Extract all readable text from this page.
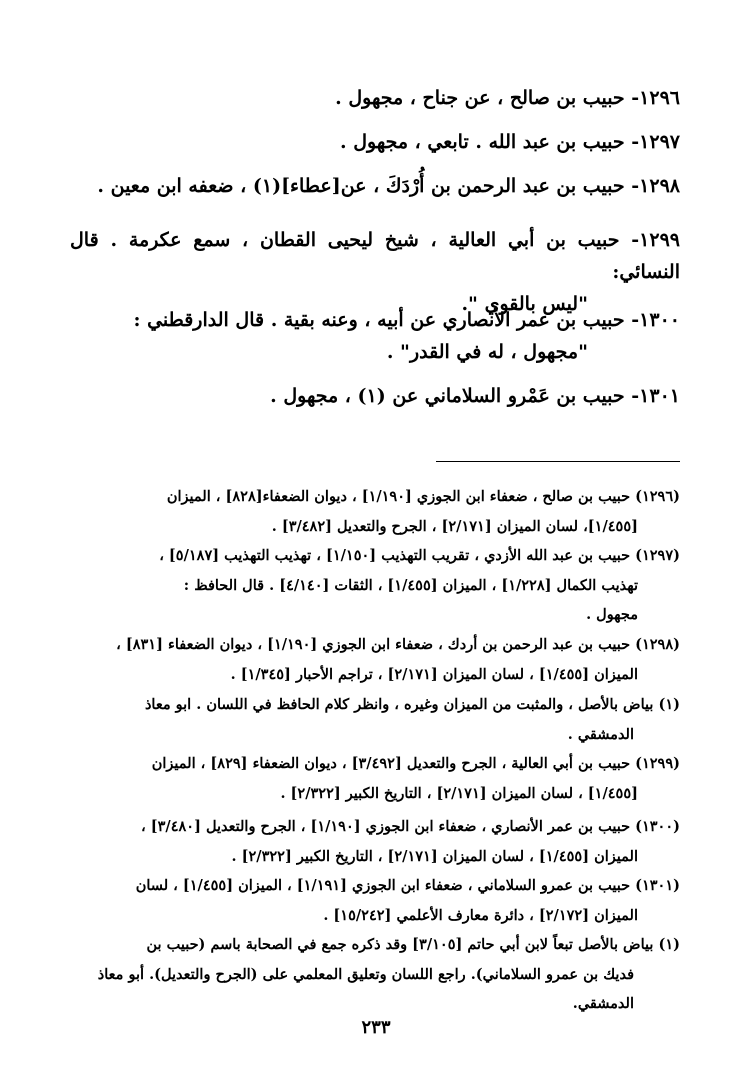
١٢٩٦- حبيب بن صالح ، عن جناح ، مجهول .
١٢٩٧- حبيب بن عبد الله . تابعي ، مجهول .
١٢٩٨- حبيب بن عبد الرحمن بن أُرْدَكَ ، عن[عطاء](١) ، ضعفه ابن معين .
١٢٩٩- حبيب بن أبي العالية ، شيخ ليحيى القطان ، سمع عكرمة . قال النسائي:
"ليس بالقوي ".
١٣٠٠- حبيب بن عمر الأنصاري عن أبيه ، وعنه بقية . قال الدارقطني :
"مجهول ، له في القدر" .
١٣٠١- حبيب بن عَمْرو السلاماني عن (١) ، مجهول .
(١٢٩٦) حبيب بن صالح ، ضعفاء ابن الجوزي [١/١٩٠] ، ديوان الضعفاء[٨٢٨] ، الميزان
[١/٤٥٥]، لسان الميزان [٢/١٧١] ، الجرح والتعديل [٣/٤٨٢] .
(١٢٩٧) حبيب بن عبد الله الأزدي ، تقريب التهذيب [١/١٥٠] ، تهذيب التهذيب [٥/١٨٧] ،
تهذيب الكمال [١/٢٢٨] ، الميزان [١/٤٥٥] ، الثقات [٤/١٤٠] . قال الحافظ :
مجهول .
(١٢٩٨) حبيب بن عبد الرحمن بن أردك ، ضعفاء ابن الجوزي [١/١٩٠] ، ديوان الضعفاء [٨٣١] ،
الميزان [١/٤٥٥] ، لسان الميزان [٢/١٧١] ، تراجم الأحبار [١/٣٤٥] .
(١) بياض بالأصل ، والمثبت من الميزان وغيره ، وانظر كلام الحافظ في اللسان . ابو معاذ
الدمشقي .
(١٢٩٩) حبيب بن أبي العالية ، الجرح والتعديل [٣/٤٩٢] ، ديوان الضعفاء [٨٢٩] ، الميزان
[١/٤٥٥] ، لسان الميزان [٢/١٧١] ، التاريخ الكبير [٢/٣٢٢] .
(١٣٠٠) حبيب بن عمر الأنصاري ، ضعفاء ابن الجوزي [١/١٩٠] ، الجرح والتعديل [٣/٤٨٠] ،
الميزان [١/٤٥٥] ، لسان الميزان [٢/١٧١] ، التاريخ الكبير [٢/٣٢٢] .
(١٣٠١) حبيب بن عمرو السلاماني ، ضعفاء ابن الجوزي [١/١٩١] ، الميزان [١/٤٥٥] ، لسان
الميزان [٢/١٧٢] ، دائرة معارف الأعلمي [١٥/٢٤٢] .
(١) بياض بالأصل تبعاً لابن أبي حاتم [٣/١٠٥] وقد ذكره جمع في الصحابة باسم (حبيب بن
فديك بن عمرو السلاماني). راجع اللسان وتعليق المعلمي على (الجرح والتعديل). أبو معاذ
الدمشقي.
٢٣٣
